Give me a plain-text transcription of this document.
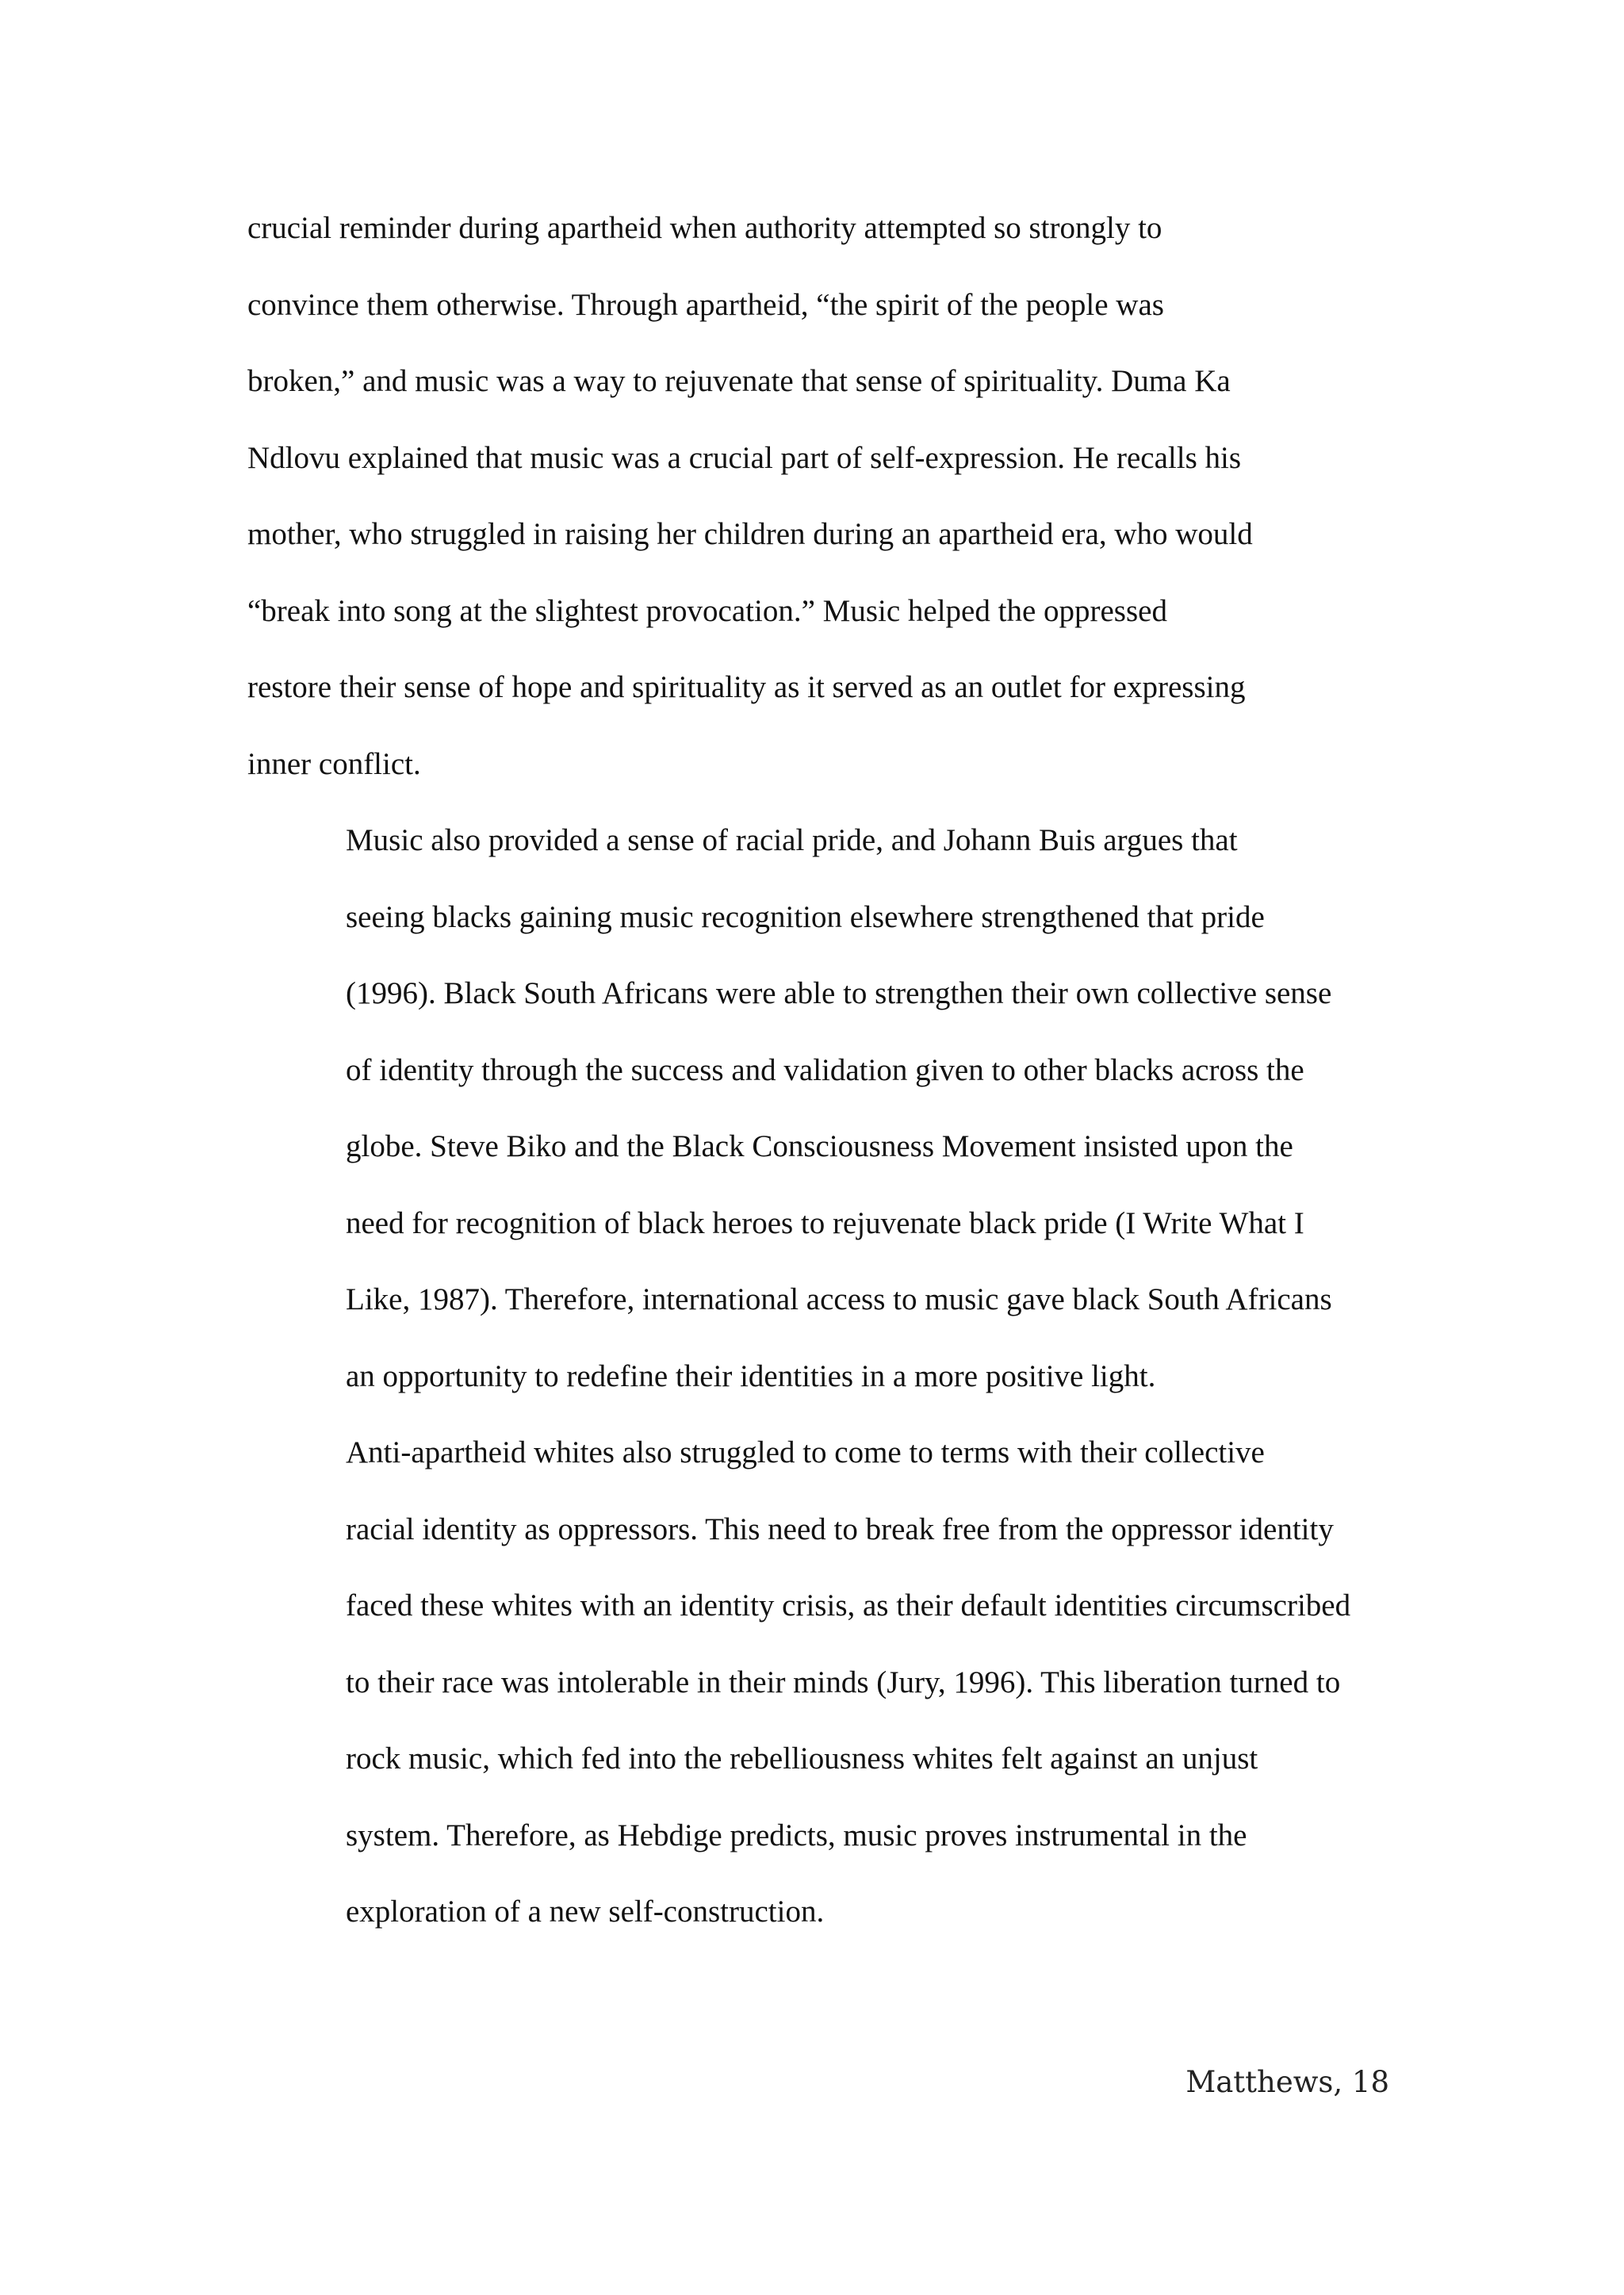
crucial reminder during apartheid when authority attempted so strongly to
convince them otherwise. Through apartheid, “the spirit of the people was
broken,” and music was a way to rejuvenate that sense of spirituality. Duma Ka
Ndlovu explained that music was a crucial part of self-expression. He recalls his
mother, who struggled in raising her children during an apartheid era, who would
“break into song at the slightest provocation.” Music helped the oppressed
restore their sense of hope and spirituality as it served as an outlet for expressing
inner conflict.

Music also provided a sense of racial pride, and Johann Buis argues that
seeing blacks gaining music recognition elsewhere strengthened that pride
(1996). Black South Africans were able to strengthen their own collective sense
of identity through the success and validation given to other blacks across the
globe. Steve Biko and the Black Consciousness Movement insisted upon the
need for recognition of black heroes to rejuvenate black pride (I Write What I
Like, 1987). Therefore, international access to music gave black South Africans
an opportunity to redefine their identities in a more positive light.

Anti-apartheid whites also struggled to come to terms with their collective
racial identity as oppressors. This need to break free from the oppressor identity
faced these whites with an identity crisis, as their default identities circumscribed
to their race was intolerable in their minds (Jury, 1996). This liberation turned to
rock music, which fed into the rebelliousness whites felt against an unjust
system. Therefore, as Hebdige predicts, music proves instrumental in the
exploration of a new self-construction.

Matthews, 18
